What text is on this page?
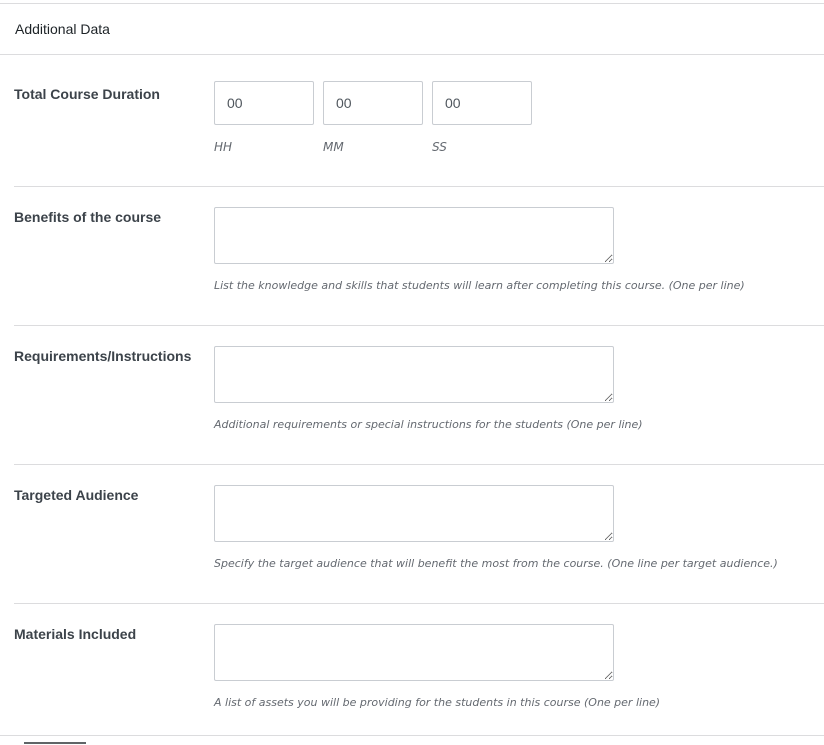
Additional Data
Total Course Duration
00
00
00
HH	MM	SS
Benefits of the course
List the knowledge and skills that students will learn after completing this course. (One per line)
Requirements/Instructions
Additional requirements or special instructions for the students (One per line)
Targeted Audience
Specify the target audience that will benefit the most from the course. (One line per target audience.)
Materials Included
A list of assets you will be providing for the students in this course (One per line)
